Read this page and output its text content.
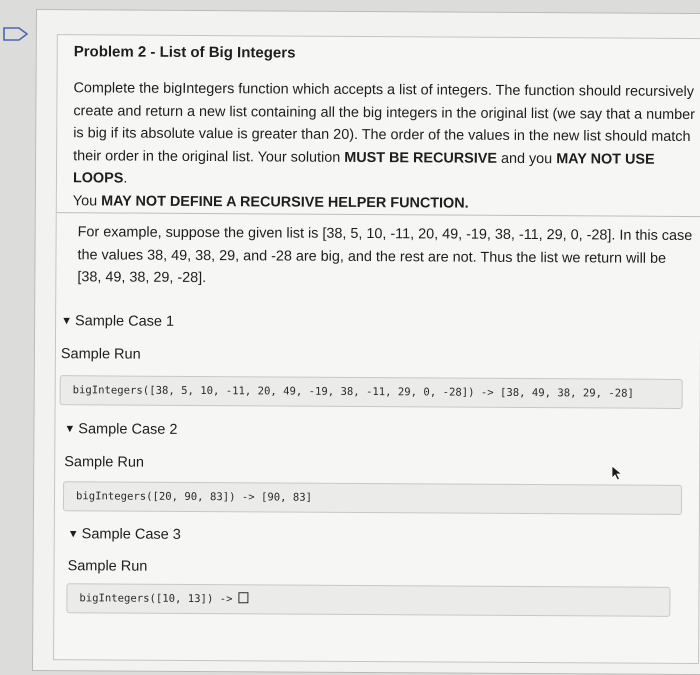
Problem 2 - List of Big Integers
Complete the bigIntegers function which accepts a list of integers. The function should recursively create and return a new list containing all the big integers in the original list (we say that a number is big if its absolute value is greater than 20). The order of the values in the new list should match their order in the original list. Your solution MUST BE RECURSIVE and you MAY NOT USE LOOPS.
You MAY NOT DEFINE A RECURSIVE HELPER FUNCTION.
For example, suppose the given list is [38, 5, 10, -11, 20, 49, -19, 38, -11, 29, 0, -28]. In this case the values 38, 49, 38, 29, and -28 are big, and the rest are not. Thus the list we return will be [38, 49, 38, 29, -28].
▼ Sample Case 1
Sample Run
bigIntegers([38, 5, 10, -11, 20, 49, -19, 38, -11, 29, 0, -28]) -> [38, 49, 38, 29, -28]
▼ Sample Case 2
Sample Run
bigIntegers([20, 90, 83]) -> [90, 83]
▼ Sample Case 3
Sample Run
bigIntegers([10, 13]) ->
